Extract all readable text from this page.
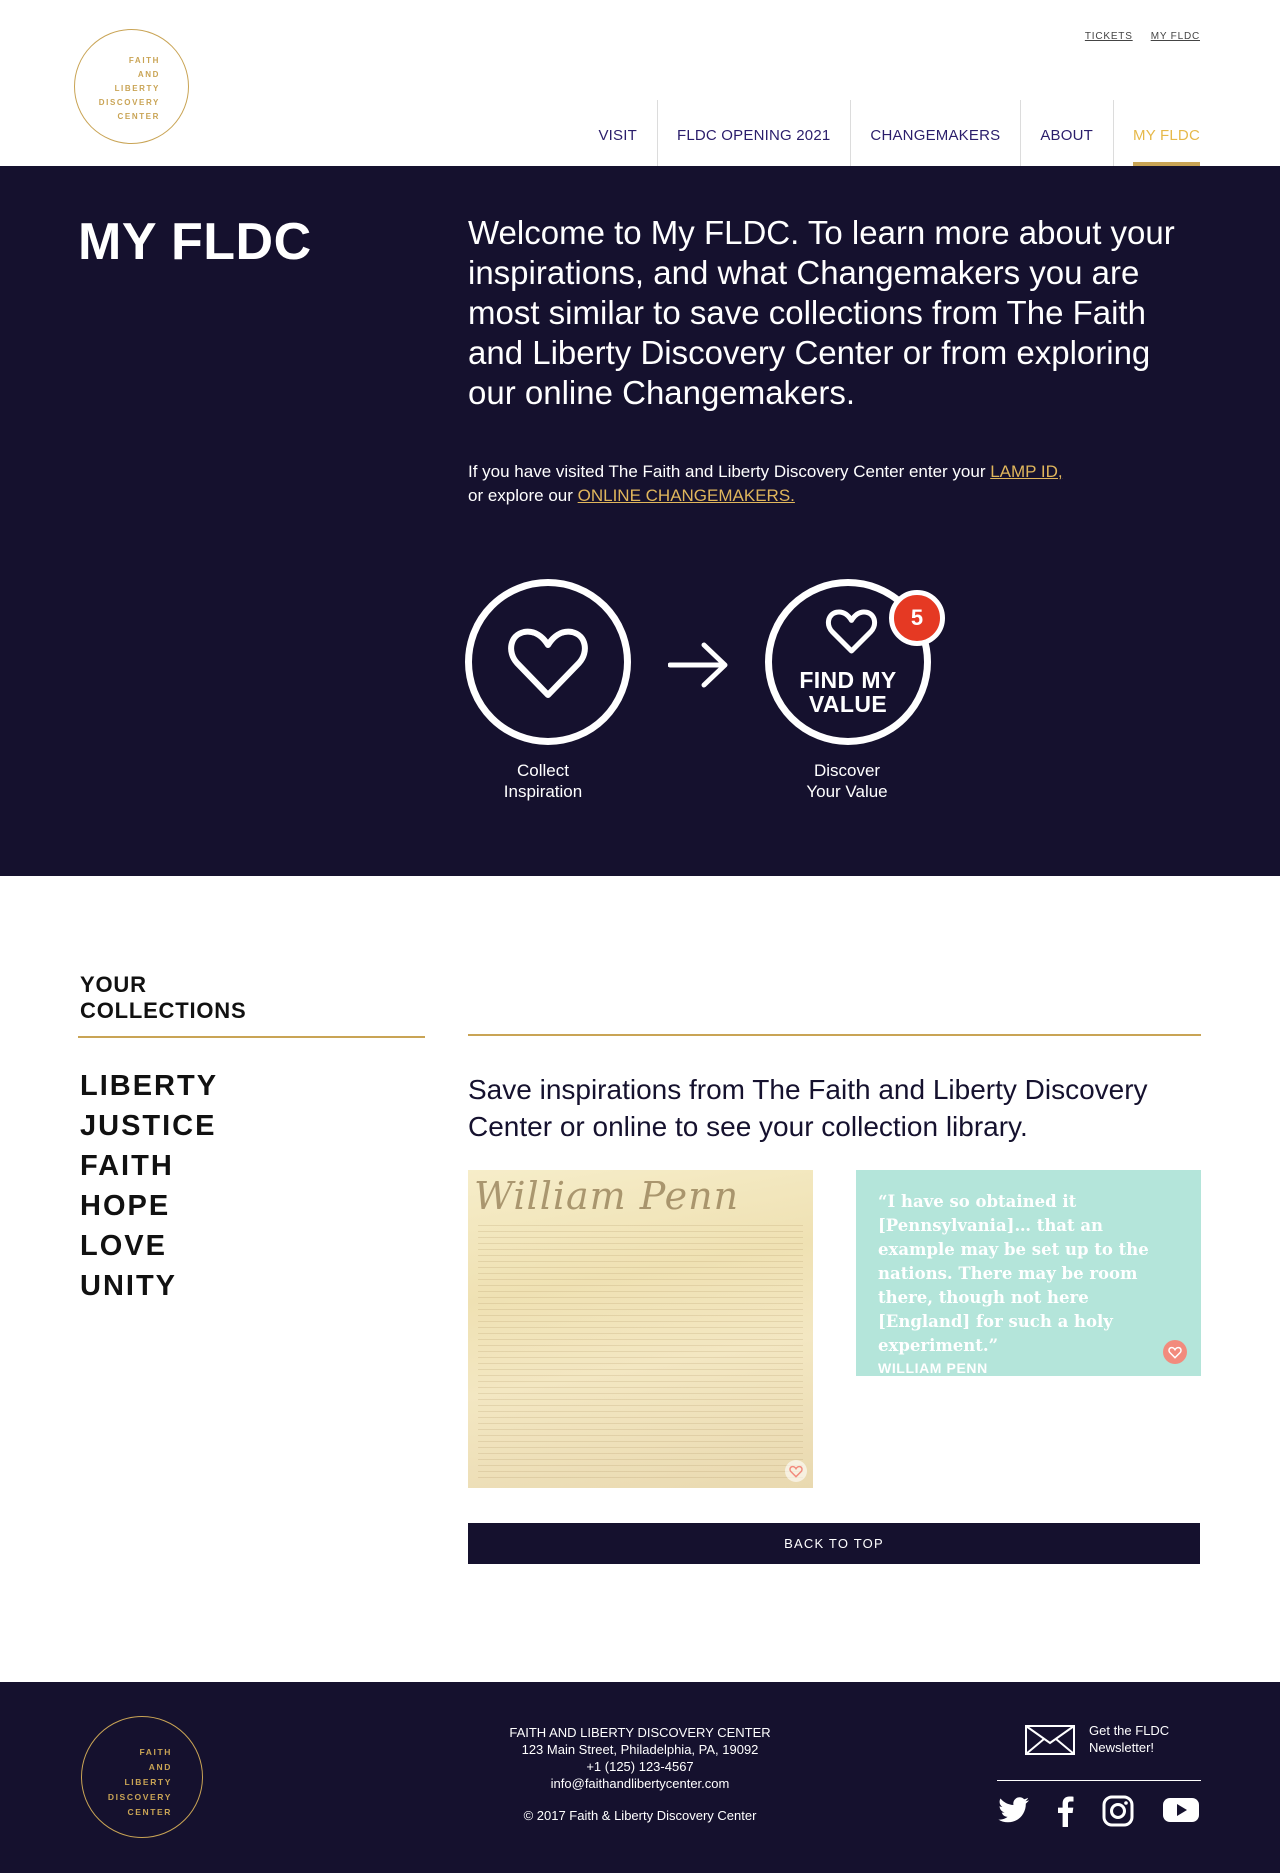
FAITH
AND
LIBERTY
DISCOVERY
CENTER
TICKETS MY FLDC
VISIT	FLDC OPENING 2021	CHANGEMAKERS	ABOUT	MY FLDC
MY FLDC	Welcome to My FLDC. To learn more about your inspirations, and what Changemakers you are most similar to save collections from The Faith and Liberty Discovery Center or from exploring our online Changemakers.

If you have visited The Faith and Liberty Discovery Center enter your LAMP ID,
or explore our ONLINE CHANGEMAKERS.

FIND MY
VALUE
5
Collect
Inspiration
Discover
Your Value
YOUR
COLLECTIONS
LIBERTY
JUSTICE
FAITH
HOPE
LOVE
UNITY

Save inspirations from The Faith and Liberty Discovery Center or online to see your collection library.

William Penn	“I have so obtained it [Pennsylvania]… that an example may be set up to the nations. There may be room there, though not here [England] for such a holy experiment.”

WILLIAM PENN
BACK TO TOP
FAITH
AND
LIBERTY
DISCOVERY
CENTER
FAITH AND LIBERTY DISCOVERY CENTER
123 Main Street, Philadelphia, PA, 19092
+1 (125) 123-4567
info@faithandlibertycenter.com
© 2017 Faith & Liberty Discovery Center
Get the FLDC
Newsletter!
